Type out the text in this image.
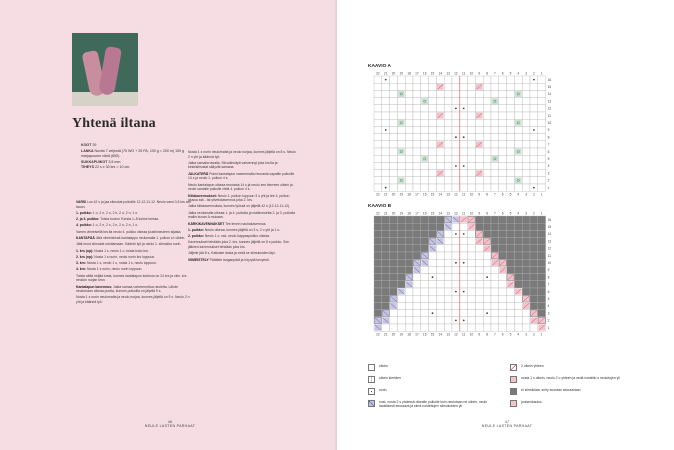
Yhtenä iltana
KOOT 39
LANKA Novita 7 veljestä (75 WO + 25 PA, 100 g = 200 m) 100 g marjapuuron väriä (650).
SUKKAPUIKOT 3,5 mm.
TIHEYS 22 s x 30 krs = 10 cm.

VARSI Luo 42 s ja jaa silmukat puikoille 12-12-11-12. Neulo varsi 0,5 krs sen tauon.

1. puikko: 1 o, 2 n, 2 o, 2 n, 2 o, 2 n, 1 o.

2. ja 3. puikko: Toista kuvion 5 krsta 1–8 kolme kertaa.

4. puikko: 1 o, 2 n, 2 o, 2 n, 2 o, 2 n, 1 o.

Varren viimeisellä krs:lla neulo 4. puikko oikeaa joustinneuleen sijasta.

KANTAPÄÄ Jätä viimeisiinsä kantalappu neulomalla 1. puikon s:t oikein.

Jätä muut silmukat odottamaan. Kääntö työ ja neulo 1. silmukka nurin.

1. krs (op): Nosta 1 s, neulo 1 o, toista koko krs.

2. krs (np): Nosta 1 s nurin, neulo nurin krs loppuun.

3. krs: Nosta 1 s, neulo 1 o, nosta 1 s, neulo loppuun.

4. krs: Nosta 1 s nurin, neulo nurin loppuun.

Toista näitä neljää krsta, kunnes kantalapun korkeus on 24 krs ja viim. krs neuloin nurjan krsn.

Kantalapun kavennus: Jatka samaa vahvennettua neuletta. Lähde neulomaan oikeaa puolta, kunnes puikoilla on jäljellä 9 s.

Nosta 1 s nurin neulomatta ja neulo nurjaa, kunnes jäljellä on 9 s. Neulo 2 n yht ja käännä työ.

Nosta 1 s nurin neulomatta ja neulo nurjaa, kunnes jäljellä on 8 s. Neulo 2 n yht ja käännä työ.

Jatka samalla tavalla. Siivudinnäpit vahvennyt joka krs:lla ja keskisilmukat säilyvät samana.

JALKATERÄ Poimi kantalapun vasemmalta reunasta vapaille puikoille 14 s ja neulo 1. puikon 4 s.

Neulo kantalapun oikeaa reunasta 14 s ja neulo sen kierreen oikein ja neulo samalle puikolle vielä 4. puikon 4 s.

Kiilakavennukset: Neulo 1. puikon loppuun 3 o yht ja tee 4. puikon alussa ssk - tai ylivetokavennus joka 2. krs.

Jatka kiilakavennuksia, kunnes työssä on jäljellä 42 s (12-12-11-12).

Jatka neulomalla oikeaa 1. ja 4. puikolla ja mallineuletta 2. ja 3. puikolla mallin kuvan A mukaan.

KÄRKIKAVENNUKSET Tee levein nauhakavennus.

1. puikko: Neulo oikeaa, kunnes jäljellä on 3 s, 2 o yht ja 1 o.

2. puikko: Neulo 1 o, ssk, neulo kappaspuikko oikeaa.

Kavennukset tehdään joka 2. krs, kunnes jäljellä on 8 s puikko. Sen jälkeen kavennukset tehdään joka krs.

Jäljelle jää 8 s. Katkaise lanka ja vedä se silmukoiden läpi.

VIIMEISTELY Päättele langanpäät ja höyrytä kevyesti.

46
NEULE LASTEN PARHAAT
KAAVIO A
22
22
21
21
20
20
19
19
18
18
17
17
16
16
15
15
14
14
13
13
12
12
11
11
10
10
9
9
8
8
7
7
6
6
5
5
4
4
3
3
2
2
1
1
16
15
14
13
12
11
10
9
8
7
6
5
4
3
2
1
KAAVIO B
22
22
21
21
20
20
19
19
18
18
17
17
16
16
15
15
14
14
13
13
12
12
11
11
10
10
9
9
8
8
7
7
6
6
5
5
4
4
3
3
2
2
1
1
16
15
14
13
12
11
10
9
8
7
6
5
4
3
2
1
oikein
oikein kiertäen
nurin
nost. nosta 2 s yhdessä oikealle puikolle kuin neulotaan ne oikein, neulo tavallisesti seuraava ja siirrä nostettujen silmukoiden yli
2 oikein yhteen
nosta 1 s oikein, neulo 2 o yhteen ja vedä nostettu s neulotujen yli
ei silmukkaa; siirry suoraan seuraavaan
joutsenkaulus
47
NEULE LASTEN PARHAAT
